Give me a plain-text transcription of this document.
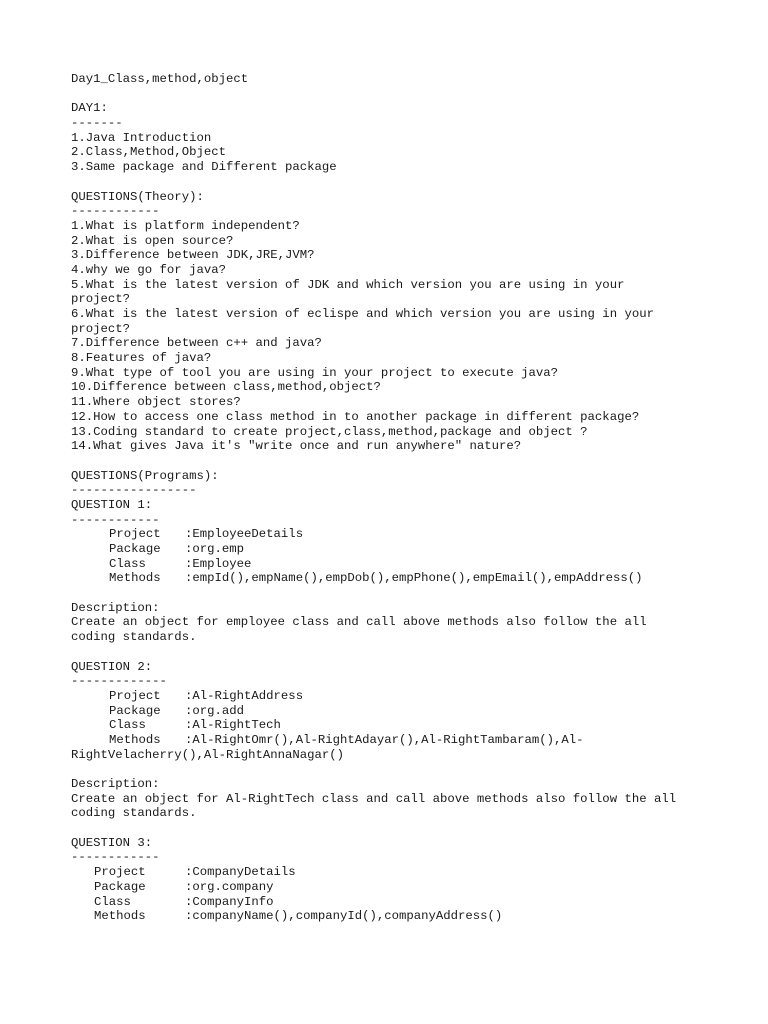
Day1_Class,method,object
DAY1:
-------
1.Java Introduction
2.Class,Method,Object
3.Same package and Different package
QUESTIONS(Theory):
------------
1.What is platform independent?
2.What is open source?
3.Difference between JDK,JRE,JVM?
4.why we go for java?
5.What is the latest version of JDK and which version you are using in your
project?
6.What is the latest version of eclispe and which version you are using in your
project?
7.Difference between c++ and java?
8.Features of java?
9.What type of tool you are using in your project to execute java?
10.Difference between class,method,object?
11.Where object stores?
12.How to access one class method in to another package in different package?
13.Coding standard to create project,class,method,package and object ?
14.What gives Java it's "write once and run anywhere" nature?
QUESTIONS(Programs):
-----------------
QUESTION 1:
------------
Project	:EmployeeDetails
Package	:org.emp
Class	:Employee
Methods	:empId(),empName(),empDob(),empPhone(),empEmail(),empAddress()
Description:
Create an object for employee class and call above methods also follow the all
coding standards.
QUESTION 2:
-------------
Project	:Al-RightAddress
Package	:org.add
Class	:Al-RightTech
Methods	:Al-RightOmr(),Al-RightAdayar(),Al-RightTambaram(),Al-
RightVelacherry(),Al-RightAnnaNagar()
Description:
Create an object for Al-RightTech class and call above methods also follow the all
coding standards.
QUESTION 3:
------------
Project	:CompanyDetails
Package	:org.company
Class	:CompanyInfo
Methods	:companyName(),companyId(),companyAddress()
